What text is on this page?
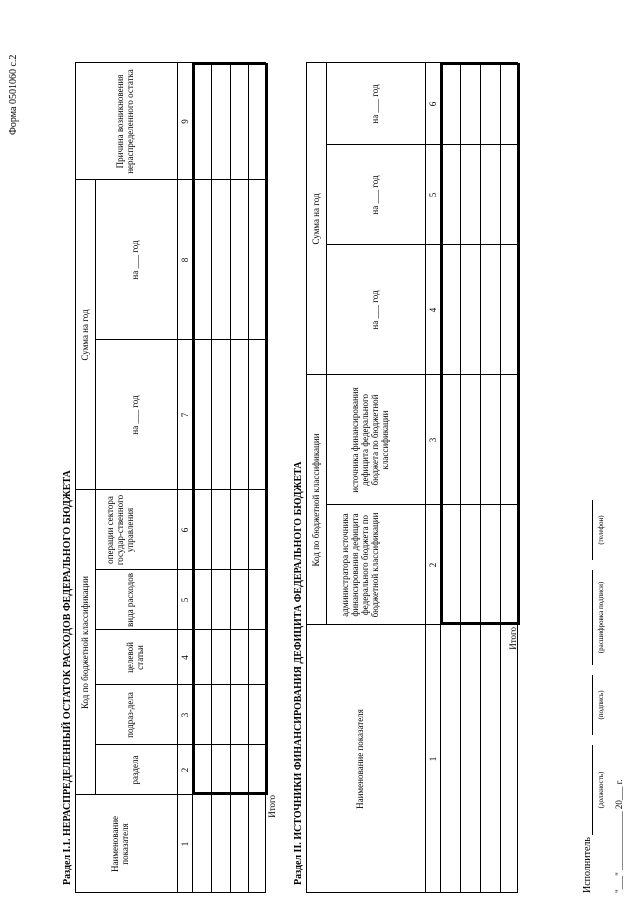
Форма 0501060 с.2
Раздел I.1. НЕРАСПРЕДЕЛЕННЫЙ ОСТАТОК РАСХОДОВ ФЕДЕРАЛЬНОГО БЮДЖЕТА	Наименование показателя
Код по бюджетной классификации
раздела
подраз-дела
целевой статьи
вида расходов
операции сектора государ-ственного управления
Сумма на год
на ___ год
на ___ год
Причина возникновения нераспределенного остатка
1
2
3
4
5
6
7
8
9
Итого Раздел II. ИСТОЧНИКИ ФИНАНСИРОВАНИЯ ДЕФИЦИТА ФЕДЕРАЛЬНОГО БЮДЖЕТА	Наименование показателя
Код по бюджетной классификации администратора источника финансирования дефицита федерального бюджета по бюджетной классификации
источника финансирования дефицита федерального бюджета по бюджетной классификации
Сумма на год
на ___ год
на ___ год
на ___ год
1
2
3
4
5
6
Итого
Исполнитель
(должность)
(подпись)
(расшифровка подписи)
(телефон)
"___" _____________ 20___ г.
